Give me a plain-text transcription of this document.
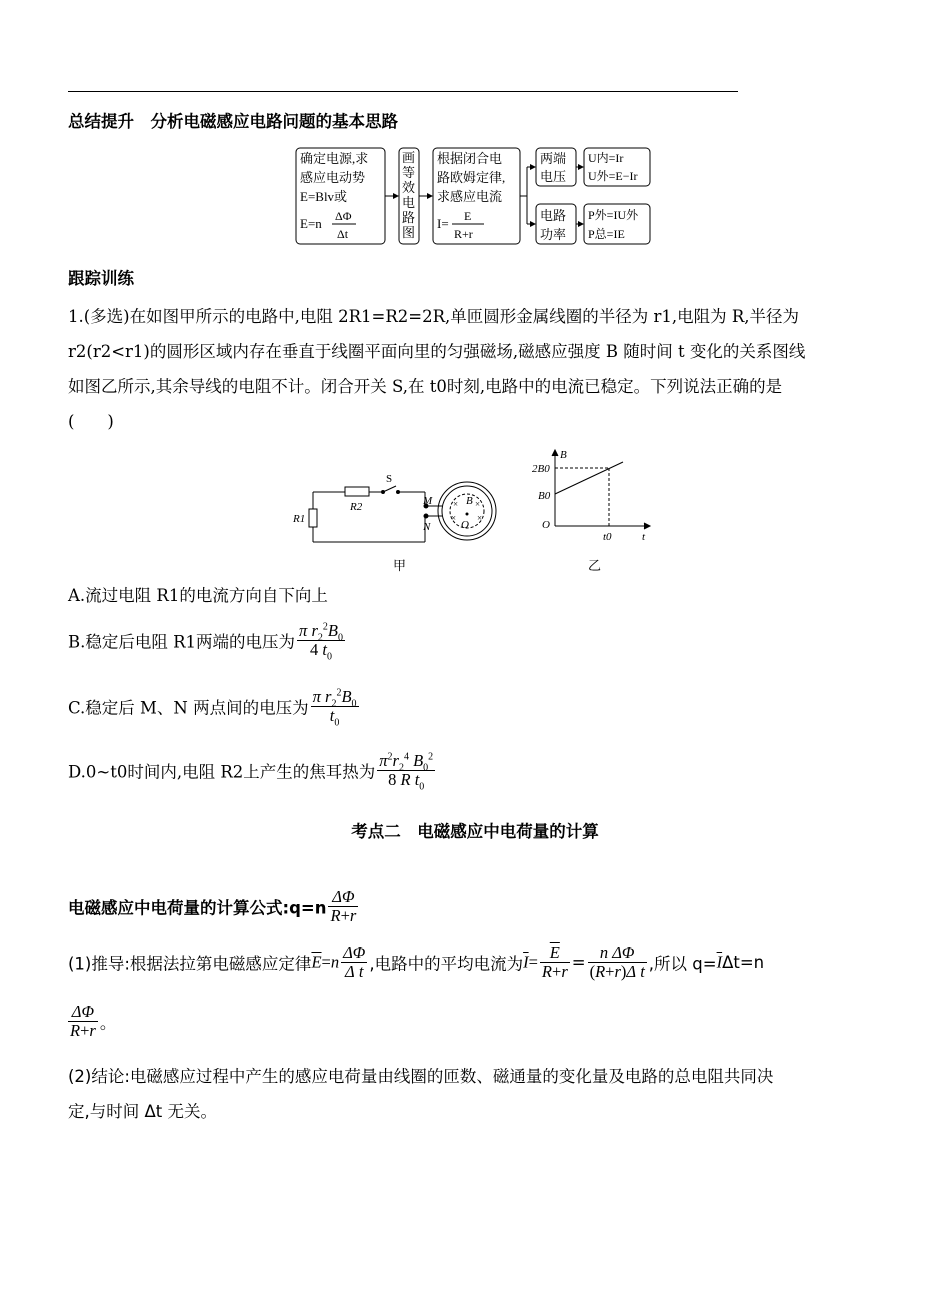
总结提升　分析电磁感应电路问题的基本思路
确定电源,求
感应电动势
E=Blv或
E=n ΔΦ
Δt
画
等
效
电
路
图
根据闭合电
路欧姆定律,
求感应电流
I= E
R+r
两端
电压
U内=Ir
U外=E−Ir
电路
功率
P外=IU外
P总=IE
跟踪训练
1.(多选)在如图甲所示的电路中,电阻 2R1=R2=2R,单匝圆形金属线圈的半径为 r1,电阻为 R,半径为
r2(r2<r1)的圆形区域内存在垂直于线圈平面向里的匀强磁场,磁感应强度 B 随时间 t 变化的关系图线
如图乙所示,其余导线的电阻不计。闭合开关 S,在 t0时刻,电路中的电流已稳定。下列说法正确的是
(　　)
R1
R2
S
M
N
B
O
× ×
× ×
甲
B
2B0
B0
O
t0	t
乙
A.流过电阻 R1的电流方向自下向上
B.稳定后电阻 R1两端的电压为 $\frac{\pi r_2^2B_0}{4 t_0}$
C.稳定后 M、N 两点间的电压为 $\frac{\pi r_2^2B_0}{t_0}$
D.0~t0时间内,电阻 R2上产生的焦耳热为 $\frac{\pi^2r_2^4 B_0^2}{8 R t_0}$
考点二　电磁感应中电荷量的计算
电磁感应中电荷量的计算公式:q=n $\frac{\Delta\Phi}{R+r}$
(1)推导:根据法拉第电磁感应定律$\overline{E}=n \frac{\Delta\Phi}{\text{Δ t}}$ ,电路中的平均电流为$\overline{I}= \frac{\overline{E}}{R+r} = \frac{\text{n ΔΦ}}{\text{(R+r)Δ t}}$ ,所以 $q=\overline{I}\Delta t=n$
$\frac{\Delta\Phi}{R+r}$ 。
(2)结论:电磁感应过程中产生的感应电荷量由线圈的匝数、磁通量的变化量及电路的总电阻共同决
定,与时间 Δt 无关。
